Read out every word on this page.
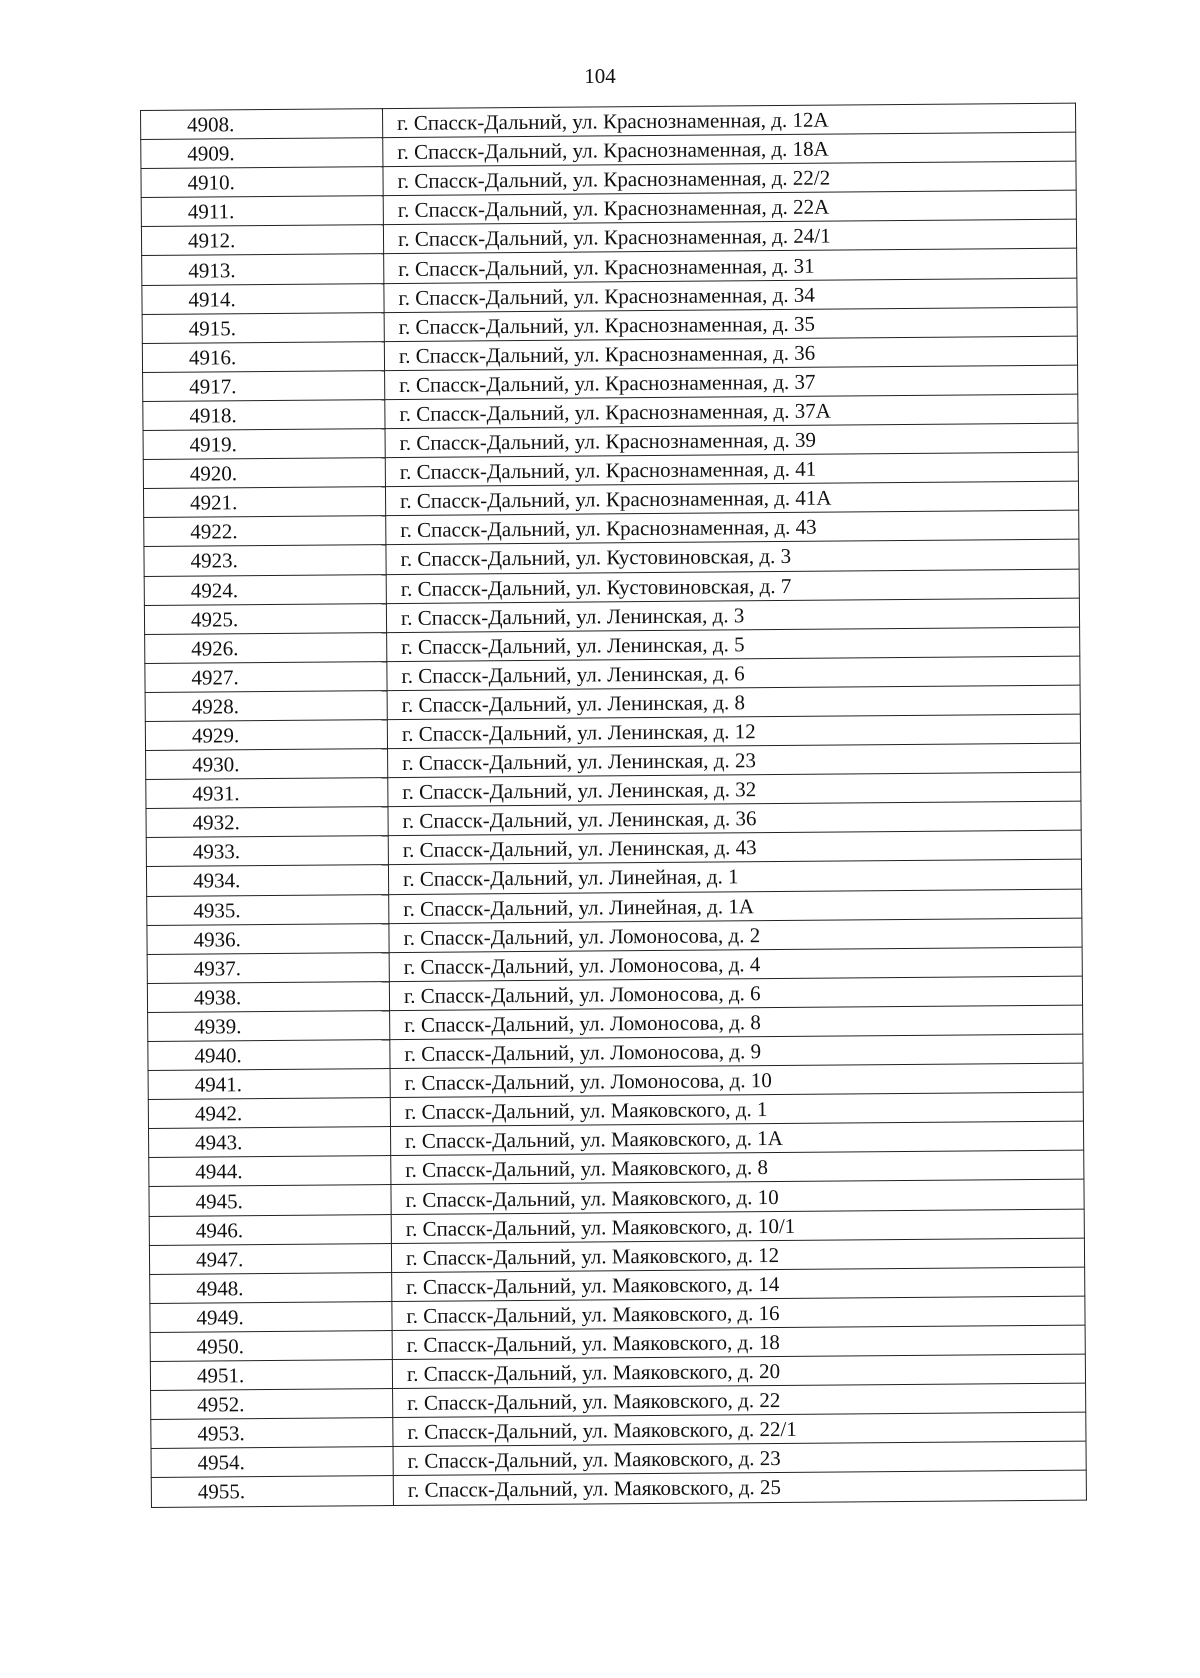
104
4908.	г. Спасск-Дальний, ул. Краснознаменная, д. 12А
4909.	г. Спасск-Дальний, ул. Краснознаменная, д. 18А
4910.	г. Спасск-Дальний, ул. Краснознаменная, д. 22/2
4911.	г. Спасск-Дальний, ул. Краснознаменная, д. 22А
4912.	г. Спасск-Дальний, ул. Краснознаменная, д. 24/1
4913.	г. Спасск-Дальний, ул. Краснознаменная, д. 31
4914.	г. Спасск-Дальний, ул. Краснознаменная, д. 34
4915.	г. Спасск-Дальний, ул. Краснознаменная, д. 35
4916.	г. Спасск-Дальний, ул. Краснознаменная, д. 36
4917.	г. Спасск-Дальний, ул. Краснознаменная, д. 37
4918.	г. Спасск-Дальний, ул. Краснознаменная, д. 37А
4919.	г. Спасск-Дальний, ул. Краснознаменная, д. 39
4920.	г. Спасск-Дальний, ул. Краснознаменная, д. 41
4921.	г. Спасск-Дальний, ул. Краснознаменная, д. 41А
4922.	г. Спасск-Дальний, ул. Краснознаменная, д. 43
4923.	г. Спасск-Дальний, ул. Кустовиновская, д. 3
4924.	г. Спасск-Дальний, ул. Кустовиновская, д. 7
4925.	г. Спасск-Дальний, ул. Ленинская, д. 3
4926.	г. Спасск-Дальний, ул. Ленинская, д. 5
4927.	г. Спасск-Дальний, ул. Ленинская, д. 6
4928.	г. Спасск-Дальний, ул. Ленинская, д. 8
4929.	г. Спасск-Дальний, ул. Ленинская, д. 12
4930.	г. Спасск-Дальний, ул. Ленинская, д. 23
4931.	г. Спасск-Дальний, ул. Ленинская, д. 32
4932.	г. Спасск-Дальний, ул. Ленинская, д. 36
4933.	г. Спасск-Дальний, ул. Ленинская, д. 43
4934.	г. Спасск-Дальний, ул. Линейная, д. 1
4935.	г. Спасск-Дальний, ул. Линейная, д. 1А
4936.	г. Спасск-Дальний, ул. Ломоносова, д. 2
4937.	г. Спасск-Дальний, ул. Ломоносова, д. 4
4938.	г. Спасск-Дальний, ул. Ломоносова, д. 6
4939.	г. Спасск-Дальний, ул. Ломоносова, д. 8
4940.	г. Спасск-Дальний, ул. Ломоносова, д. 9
4941.	г. Спасск-Дальний, ул. Ломоносова, д. 10
4942.	г. Спасск-Дальний, ул. Маяковского, д. 1
4943.	г. Спасск-Дальний, ул. Маяковского, д. 1А
4944.	г. Спасск-Дальний, ул. Маяковского, д. 8
4945.	г. Спасск-Дальний, ул. Маяковского, д. 10
4946.	г. Спасск-Дальний, ул. Маяковского, д. 10/1
4947.	г. Спасск-Дальний, ул. Маяковского, д. 12
4948.	г. Спасск-Дальний, ул. Маяковского, д. 14
4949.	г. Спасск-Дальний, ул. Маяковского, д. 16
4950.	г. Спасск-Дальний, ул. Маяковского, д. 18
4951.	г. Спасск-Дальний, ул. Маяковского, д. 20
4952.	г. Спасск-Дальний, ул. Маяковского, д. 22
4953.	г. Спасск-Дальний, ул. Маяковского, д. 22/1
4954.	г. Спасск-Дальний, ул. Маяковского, д. 23
4955.	г. Спасск-Дальний, ул. Маяковского, д. 25
